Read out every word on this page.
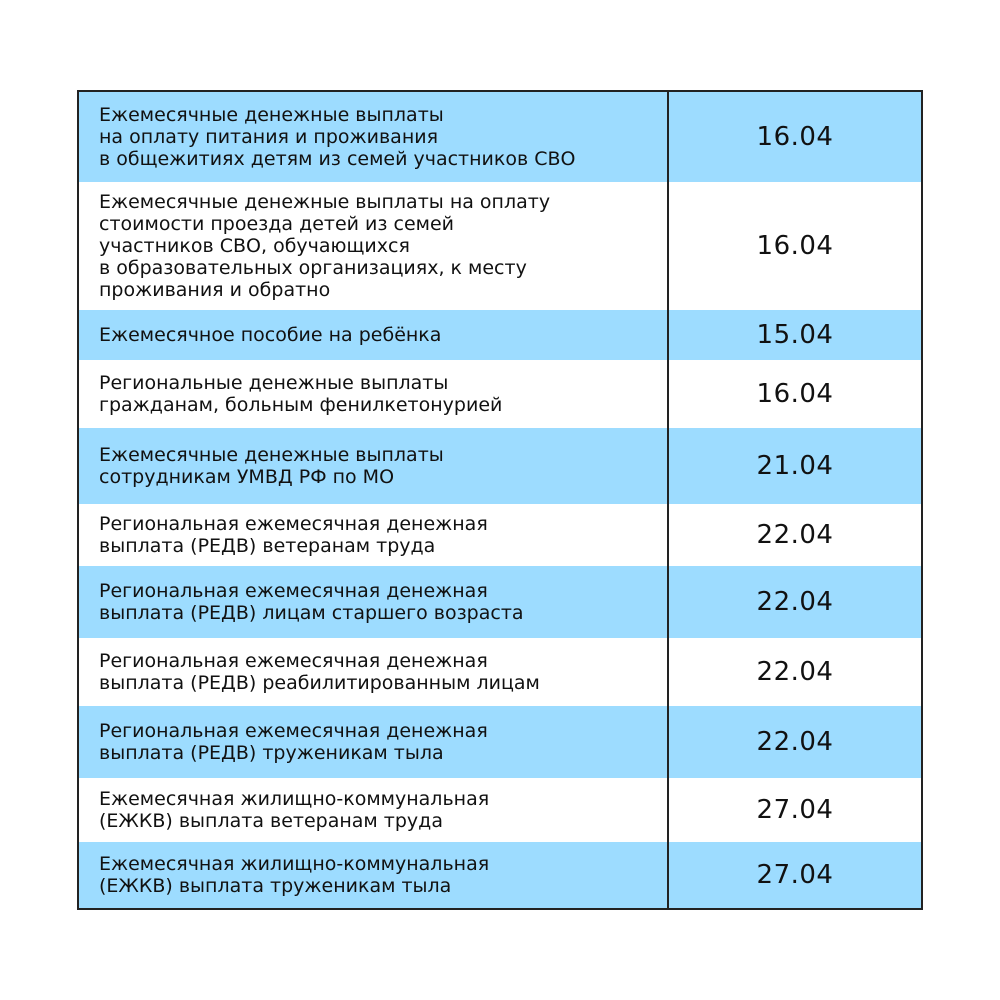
Ежемесячные денежные выплаты
на оплату питания и проживания
в общежитиях детям из семей участников СВО
16.04
Ежемесячные денежные выплаты на оплату
стоимости проезда детей из семей
участников СВО, обучающихся
в образовательных организациях, к месту
проживания и обратно
16.04
Ежемесячное пособие на ребёнка	15.04
Региональные денежные выплаты
гражданам, больным фенилкетонурией	16.04
Ежемесячные денежные выплаты
сотрудникам УМВД РФ по МО	21.04
Региональная ежемесячная денежная
выплата (РЕДВ) ветеранам труда	22.04
Региональная ежемесячная денежная
выплата (РЕДВ) лицам старшего возраста	22.04
Региональная ежемесячная денежная
выплата (РЕДВ) реабилитированным лицам	22.04
Региональная ежемесячная денежная
выплата (РЕДВ) труженикам тыла	22.04
Ежемесячная жилищно-коммунальная
(ЕЖКВ) выплата ветеранам труда	27.04
Ежемесячная жилищно-коммунальная
(ЕЖКВ) выплата труженикам тыла	27.04
